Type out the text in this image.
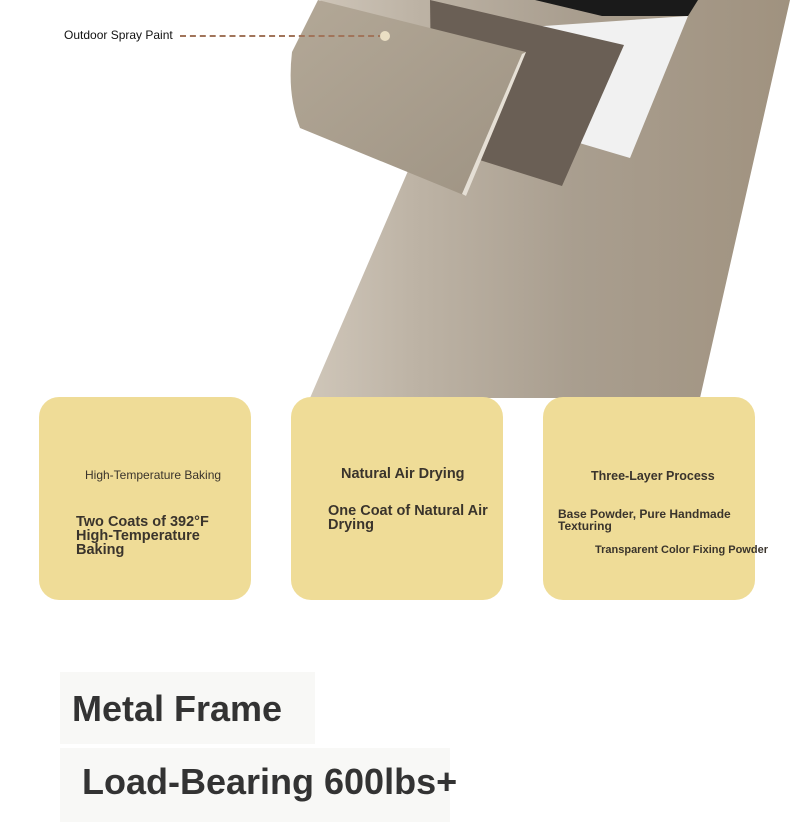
Outdoor Spray Paint
High-Temperature Baking
Two Coats of 392°F High-Temperature Baking
Natural Air Drying
One Coat of Natural Air Drying
Three-Layer Process
Base Powder, Pure Handmade Texturing
Transparent Color Fixing Powder
Metal Frame
Load-Bearing 600lbs+
